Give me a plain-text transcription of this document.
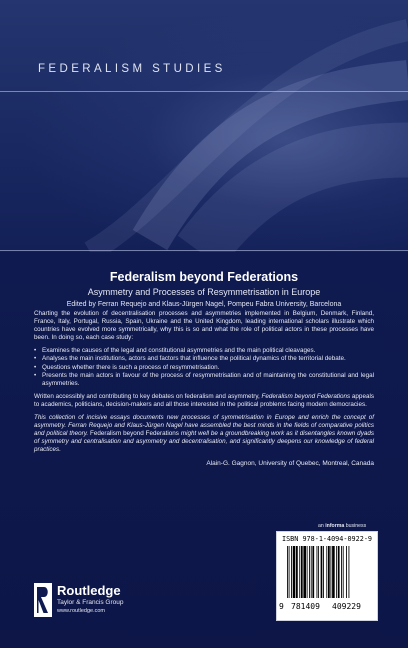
FEDERALISM STUDIES
Federalism beyond Federations
Asymmetry and Processes of Resymmetrisation in Europe
Edited by Ferran Requejo and Klaus-Jürgen Nagel, Pompeu Fabra University, Barcelona

Charting the evolution of decentralisation processes and asymmetries implemented in Belgium, Denmark, Finland, France, Italy, Portugal, Russia, Spain, Ukraine and the United Kingdom, leading international scholars illustrate which countries have evolved more symmetrically, why this is so and what the role of political actors in these processes have been. In doing so, each case study:

• Examines the causes of the legal and constitutional asymmetries and the main political cleavages.
• Analyses the main institutions, actors and factors that influence the political dynamics of the territorial debate.
• Questions whether there is such a process of resymmetrisation.
• Presents the main actors in favour of the process of resymmetrisation and of maintaining the constitutional and legal asymmetries.

Written accessibly and contributing to key debates on federalism and asymmetry, Federalism beyond Federations appeals to academics, politicians, decision-makers and all those interested in the political problems facing modern democracies.

This collection of incisive essays documents new processes of symmetrisation in Europe and enrich the concept of asymmetry. Ferran Requejo and Klaus-Jürgen Nagel have assembled the best minds in the fields of comparative politics and political theory. Federalism beyond Federations might well be a groundbreaking work as it disentangles known dyads of symmetry and centralisation and asymmetry and decentralisation, and significantly deepens our knowledge of federal practices.

Alain-G. Gagnon, University of Quebec, Montreal, Canada

an informa business
ISBN 978-1-4094-0922-9
9 781409 409229
Routledge
Taylor & Francis Group
www.routledge.com
